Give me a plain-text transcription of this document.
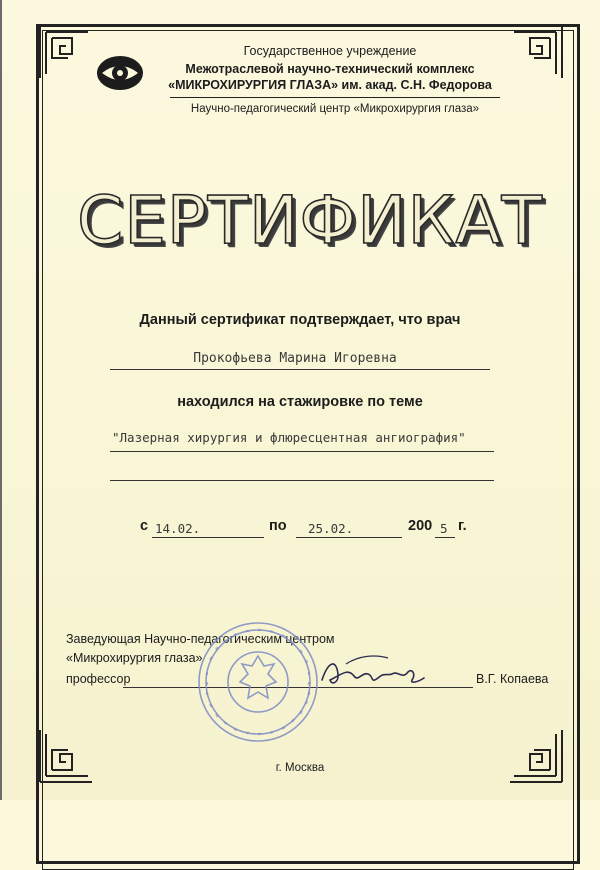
Государственное учреждение
Межотраслевой научно-технический комплекс
«МИКРОХИРУРГИЯ ГЛАЗА» им. акад. С.Н. Федорова
Научно-педагогический центр «Микрохирургия глаза»
СЕРТИФИКАТ
Данный сертификат подтверждает, что врач
Прокофьева Марина Игоревна
находился на стажировке по теме
"Лазерная хирургия и флюресцентная ангиография"
с 14.02.	по 25.02.	200 5 г.
Заведующая Научно-педагогическим центром
«Микрохирургия глаза»
профессор	В.Г. Копаева
г. Москва
